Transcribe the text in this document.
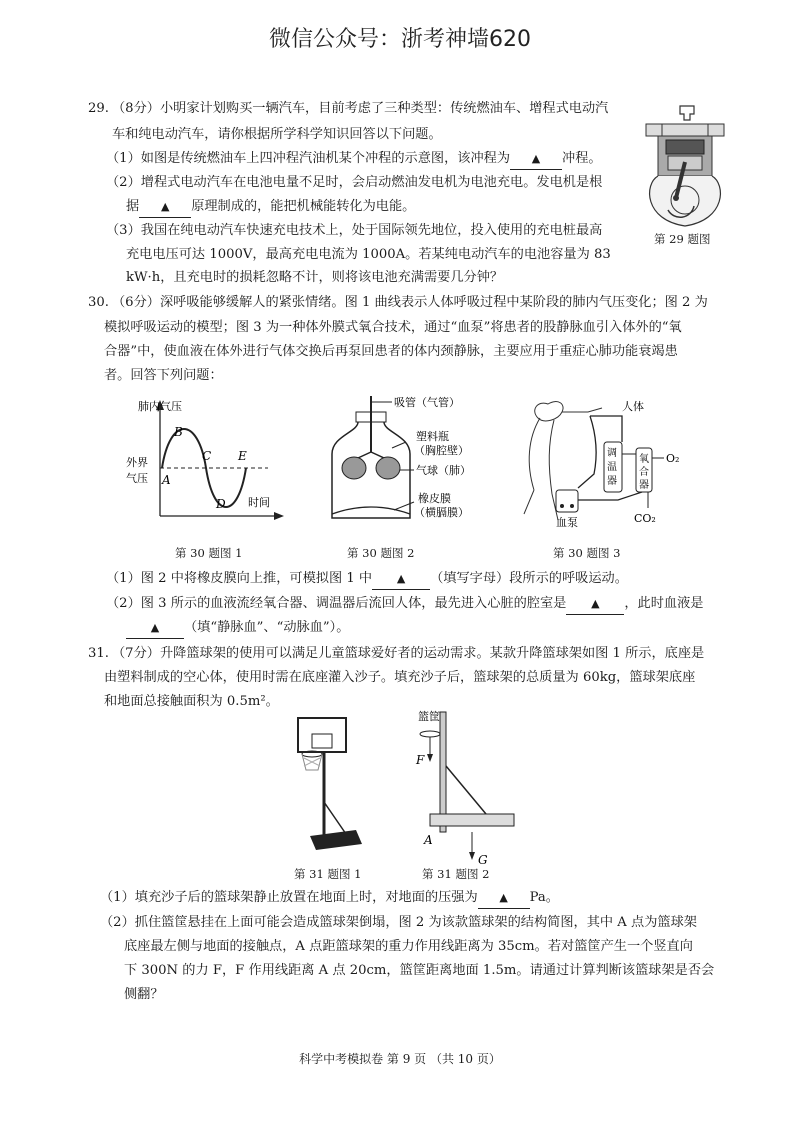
微信公众号：浙考神墙620
29. （8分）小明家计划购买一辆汽车，目前考虑了三种类型：传统燃油车、增程式电动汽
车和纯电动汽车，请你根据所学科学知识回答以下问题。
（1）如图是传统燃油车上四冲程汽油机某个冲程的示意图，该冲程为 ▲ 冲程。
（2）增程式电动汽车在电池电量不足时，会启动燃油发电机为电池充电。发电机是根
据 ▲ 原理制成的，能把机械能转化为电能。
（3）我国在纯电动汽车快速充电技术上，处于国际领先地位，投入使用的充电桩最高
充电电压可达 1000V，最高充电电流为 1000A。若某纯电动汽车的电池容量为 83
kW·h，且充电时的损耗忽略不计，则将该电池充满需要几分钟？
第 29 题图
30. （6分）深呼吸能够缓解人的紧张情绪。图 1 曲线表示人体呼吸过程中某阶段的肺内气压变化；图 2 为
模拟呼吸运动的模型；图 3 为一种体外膜式氧合技术，通过“血泵”将患者的股静脉血引入体外的“氧
合器”中，使血液在体外进行气体交换后再泵回患者的体内颈静脉，主要应用于重症心肺功能衰竭患
者。回答下列问题：
肺内气压
时间
外界
气压 A
B
C
D
E
第 30 题图 1
吸管（气管）
塑料瓶
（胸腔壁）
气球（肺）
橡皮膜
（横膈膜）
第 30 题图 2
人体
调
温
器
氧
合
器
O₂
CO₂
血泵
第 30 题图 3
（1）图 2 中将橡皮膜向上推，可模拟图 1 中 ▲ （填写字母）段所示的呼吸运动。
（2）图 3 所示的血液流经氧合器、调温器后流回人体，最先进入心脏的腔室是 ▲ ，此时血液是
▲ （填“静脉血”、“动脉血”）。
31. （7分）升降篮球架的使用可以满足儿童篮球爱好者的运动需求。某款升降篮球架如图 1 所示，底座是
由塑料制成的空心体，使用时需在底座灌入沙子。填充沙子后，篮球架的总质量为 60kg，篮球架底座
和地面总接触面积为 0.5m²。
第 31 题图 1
篮筐
F
A
G
第 31 题图 2
（1）填充沙子后的篮球架静止放置在地面上时，对地面的压强为 ▲ Pa。
（2）抓住篮筐悬挂在上面可能会造成篮球架倒塌，图 2 为该款篮球架的结构简图，其中 A 点为篮球架
底座最左侧与地面的接触点，A 点距篮球架的重力作用线距离为 35cm。若对篮筐产生一个竖直向
下 300N 的力 F，F 作用线距离 A 点 20cm，篮筐距离地面 1.5m。请通过计算判断该篮球架是否会
侧翻？
科学中考模拟卷 第 9 页 （共 10 页）
